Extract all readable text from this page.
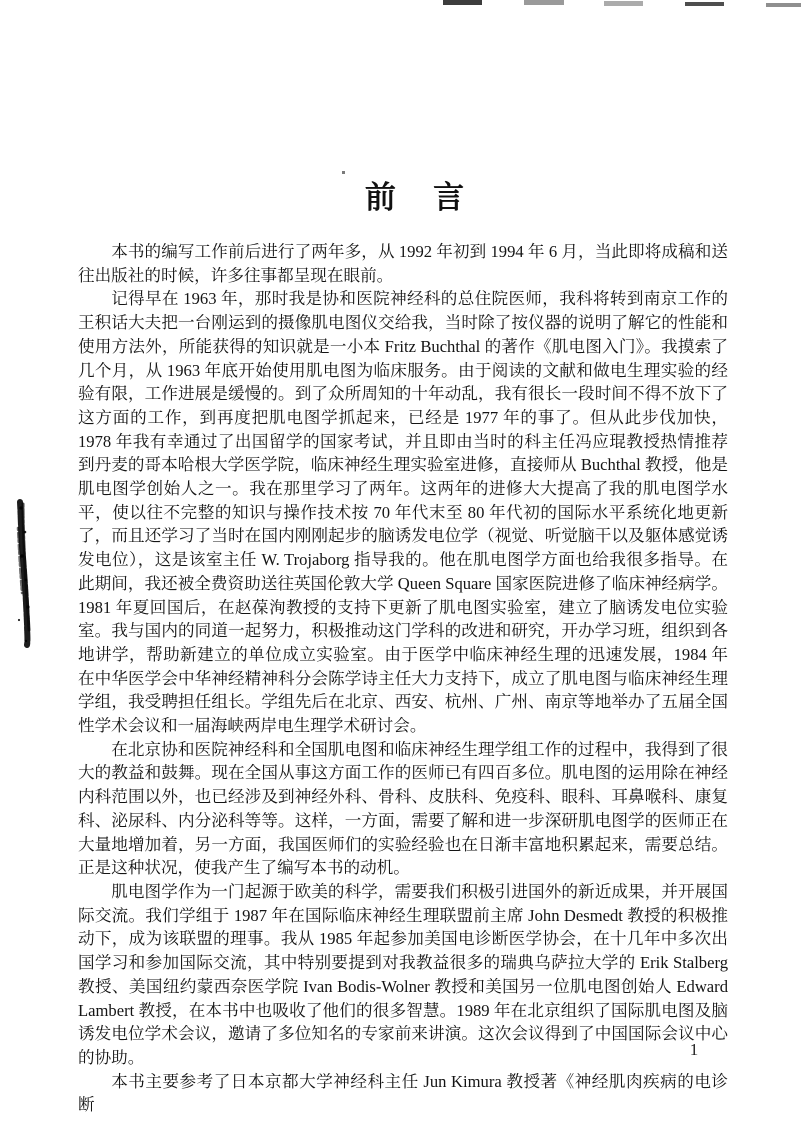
前言

本书的编写工作前后进行了两年多，从 1992 年初到 1994 年 6 月，当此即将成稿和送往出版社的时候，许多往事都呈现在眼前。

记得早在 1963 年，那时我是协和医院神经科的总住院医师，我科将转到南京工作的王积话大夫把一台刚运到的摄像肌电图仪交给我，当时除了按仪器的说明了解它的性能和使用方法外，所能获得的知识就是一小本 Fritz Buchthal 的著作《肌电图入门》。我摸索了几个月，从 1963 年底开始使用肌电图为临床服务。由于阅读的文献和做电生理实验的经验有限，工作进展是缓慢的。到了众所周知的十年动乱，我有很长一段时间不得不放下了这方面的工作，到再度把肌电图学抓起来，已经是 1977 年的事了。但从此步伐加快，1978 年我有幸通过了出国留学的国家考试，并且即由当时的科主任冯应琨教授热情推荐到丹麦的哥本哈根大学医学院，临床神经生理实验室进修，直接师从 Buchthal 教授，他是肌电图学创始人之一。我在那里学习了两年。这两年的进修大大提高了我的肌电图学水平，使以往不完整的知识与操作技术按 70 年代末至 80 年代初的国际水平系统化地更新了，而且还学习了当时在国内刚刚起步的脑诱发电位学（视觉、听觉脑干以及躯体感觉诱发电位），这是该室主任 W. Trojaborg 指导我的。他在肌电图学方面也给我很多指导。在此期间，我还被全费资助送往英国伦敦大学 Queen Square 国家医院进修了临床神经病学。1981 年夏回国后，在赵葆洵教授的支持下更新了肌电图实验室，建立了脑诱发电位实验室。我与国内的同道一起努力，积极推动这门学科的改进和研究，开办学习班，组织到各地讲学，帮助新建立的单位成立实验室。由于医学中临床神经生理的迅速发展，1984 年在中华医学会中华神经精神科分会陈学诗主任大力支持下，成立了肌电图与临床神经生理学组，我受聘担任组长。学组先后在北京、西安、杭州、广州、南京等地举办了五届全国性学术会议和一届海峡两岸电生理学术研讨会。

在北京协和医院神经科和全国肌电图和临床神经生理学组工作的过程中，我得到了很大的教益和鼓舞。现在全国从事这方面工作的医师已有四百多位。肌电图的运用除在神经内科范围以外，也已经涉及到神经外科、骨科、皮肤科、免疫科、眼科、耳鼻喉科、康复科、泌尿科、内分泌科等等。这样，一方面，需要了解和进一步深研肌电图学的医师正在大量地增加着，另一方面，我国医师们的实验经验也在日渐丰富地积累起来，需要总结。正是这种状况，使我产生了编写本书的动机。

肌电图学作为一门起源于欧美的科学，需要我们积极引进国外的新近成果，并开展国际交流。我们学组于 1987 年在国际临床神经生理联盟前主席 John Desmedt 教授的积极推动下，成为该联盟的理事。我从 1985 年起参加美国电诊断医学协会，在十几年中多次出国学习和参加国际交流，其中特别要提到对我教益很多的瑞典乌萨拉大学的 Erik Stalberg 教授、美国纽约蒙西奈医学院 Ivan Bodis-Wolner 教授和美国另一位肌电图创始人 Edward Lambert 教授，在本书中也吸收了他们的很多智慧。1989 年在北京组织了国际肌电图及脑诱发电位学术会议，邀请了多位知名的专家前来讲演。这次会议得到了中国国际会议中心的协助。

本书主要参考了日本京都大学神经科主任 Jun Kimura 教授著《神经肌肉疾病的电诊断

1
